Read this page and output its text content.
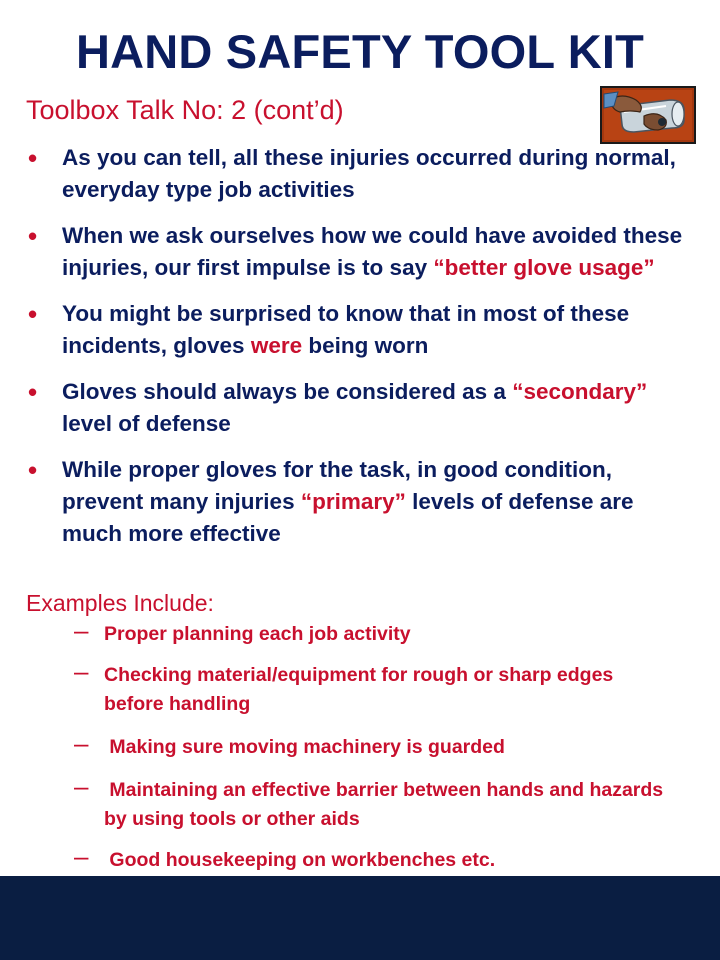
HAND SAFETY TOOL KIT
Toolbox Talk No: 2 (cont’d)
• As you can tell, all these injuries occurred during normal, everyday type job activities
• When we ask ourselves how we could have avoided these injuries, our first impulse is to say “better glove usage”
• You might be surprised to know that in most of these incidents, gloves were being worn
• Gloves should always be considered as a “secondary” level of defense
• While proper gloves for the task, in good condition, prevent many injuries “primary” levels of defense are much more effective
Examples Include:
– Proper planning each job activity
– Checking material/equipment for rough or sharp edges before handling
– Making sure moving machinery is guarded
– Maintaining an effective barrier between hands and hazards by using tools or other aids
– Good housekeeping on workbenches etc.
